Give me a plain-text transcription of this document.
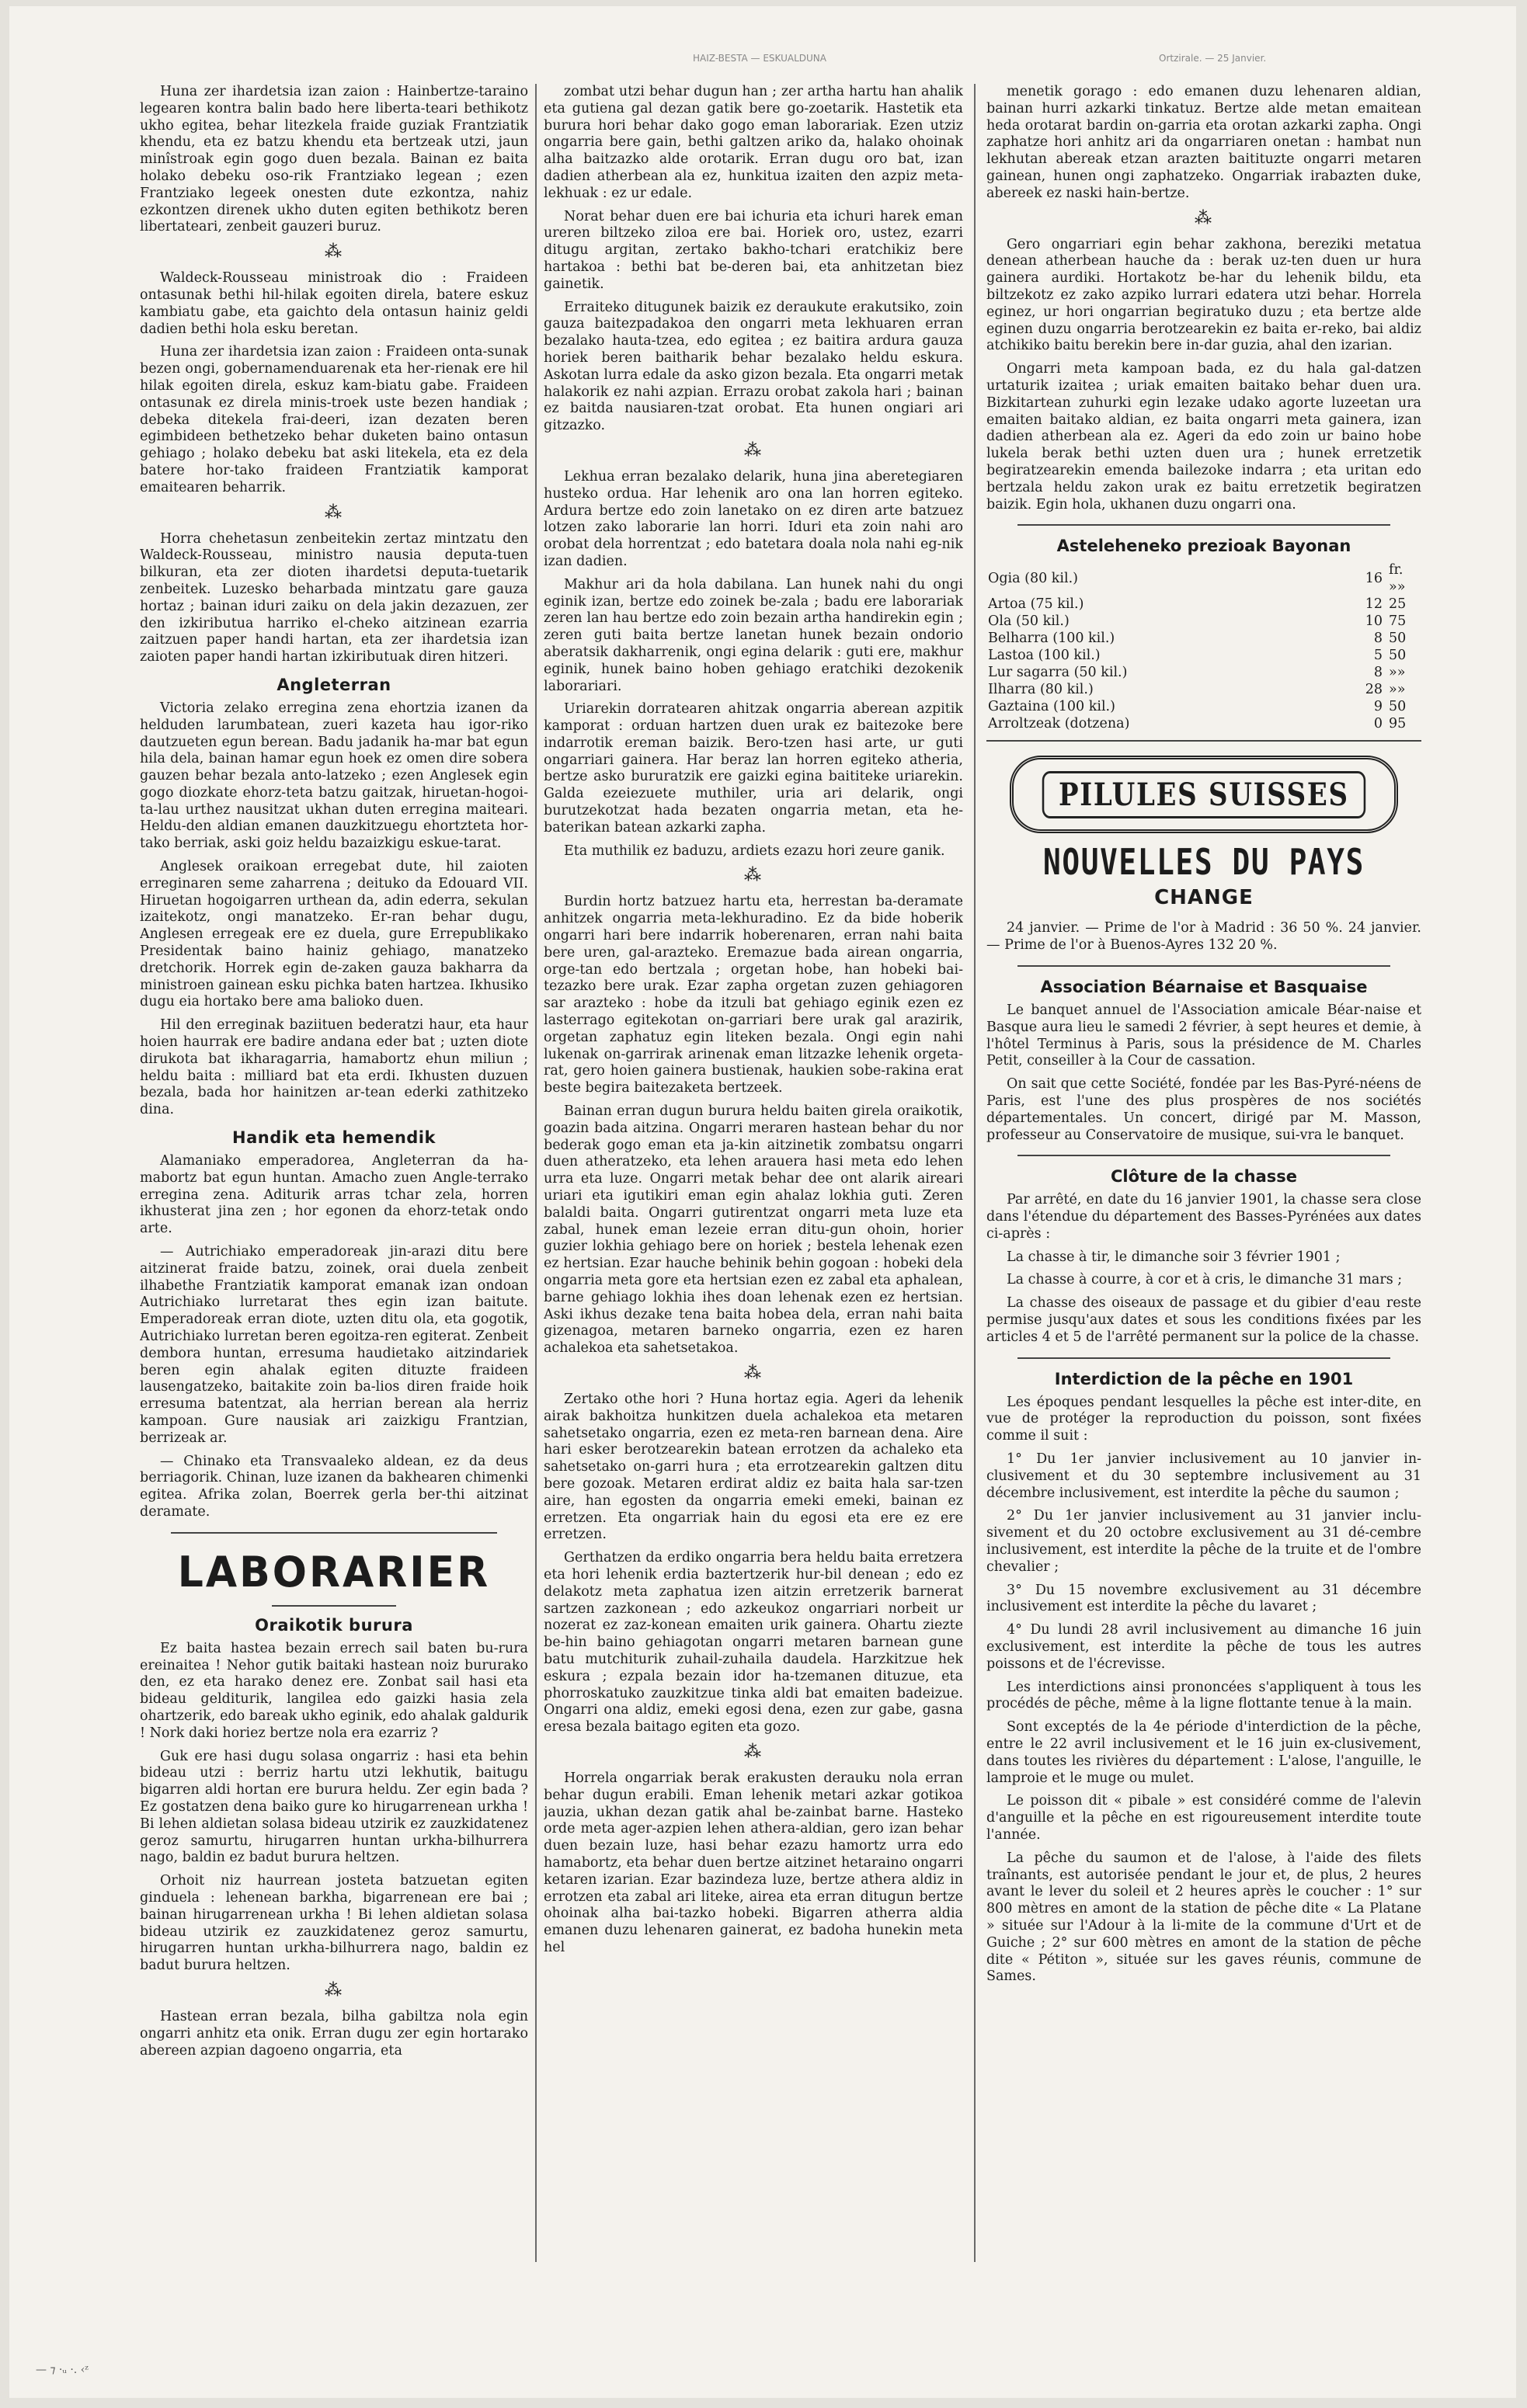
HAIZ-BESTA — ESKUALDUNA	Ortzirale. — 25 Janvier.

Huna zer ihardetsia izan zaion : Hainbertze-taraino legearen kontra balin bado here liberta-teari bethikotz ukho egitea, behar litezkela fraide guziak Frantziatik khendu, eta ez batzu khendu eta bertzeak utzi, jaun minîstroak egin gogo duen bezala. Bainan ez baita holako debeku oso-rik Frantziako legean ; ezen Frantziako legeek onesten dute ezkontza, nahiz ezkontzen direnek ukho duten egiten bethikotz beren libertateari, zenbeit gauzeri buruz.

⁂

Waldeck-Rousseau ministroak dio : Fraideen ontasunak bethi hil-hilak egoiten direla, batere eskuz kambiatu gabe, eta gaichto dela ontasun hainiz geldi dadien bethi hola esku beretan.

Huna zer ihardetsia izan zaion : Fraideen onta-sunak bezen ongi, gobernamenduarenak eta her-rienak ere hil hilak egoiten direla, eskuz kam-biatu gabe. Fraideen ontasunak ez direla minis-troek uste bezen handiak ; debeka ditekela frai-deeri, izan dezaten beren egimbideen bethetzeko behar duketen baino ontasun gehiago ; holako debeku bat aski litekela, eta ez dela batere hor-tako fraideen Frantziatik kamporat emaitearen beharrik.

⁂

Horra chehetasun zenbeitekin zertaz mintzatu den Waldeck-Rousseau, ministro nausia deputa-tuen bilkuran, eta zer dioten ihardetsi deputa-tuetarik zenbeitek. Luzesko beharbada mintzatu gare gauza hortaz ; bainan iduri zaiku on dela jakin dezazuen, zer den izkiributua harriko el-cheko aitzinean ezarria zaitzuen paper handi hartan, eta zer ihardetsia izan zaioten paper handi hartan izkiributuak diren hitzeri.

Angleterran

Victoria zelako erregina zena ehortzia izanen da helduden larumbatean, zueri kazeta hau igor-riko dautzueten egun berean. Badu jadanik ha-mar bat egun hila dela, bainan hamar egun hoek ez omen dire sobera gauzen behar bezala anto-latzeko ; ezen Anglesek egin gogo diozkate ehorz-teta batzu gaitzak, hiruetan-hogoi-ta-lau urthez nausitzat ukhan duten erregina maiteari. Heldu-den aldian emanen dauzkitzuegu ehortzteta hor-tako berriak, aski goiz heldu bazaizkigu eskue-tarat.

Anglesek oraikoan erregebat dute, hil zaioten erreginaren seme zaharrena ; deituko da Edouard VII. Hiruetan hogoigarren urthean da, adin ederra, sekulan izaitekotz, ongi manatzeko. Er-ran behar dugu, Anglesen erregeak ere ez duela, gure Errepublikako Presidentak baino hainiz gehiago, manatzeko dretchorik. Horrek egin de-zaken gauza bakharra da ministroen gainean esku pichka baten hartzea. Ikhusiko dugu eia hortako bere ama balioko duen.

Hil den erreginak baziituen bederatzi haur, eta haur hoien haurrak ere badire andana eder bat ; uzten diote dirukota bat ikharagarria, hamabortz ehun miliun ; heldu baita : milliard bat eta erdi. Ikhusten duzuen bezala, bada hor hainitzen ar-tean ederki zathitzeko dina.

Handik eta hemendik

Alamaniako emperadorea, Angleterran da ha-mabortz bat egun huntan. Amacho zuen Angle-terrako erregina zena. Aditurik arras tchar zela, horren ikhusterat jina zen ; hor egonen da ehorz-tetak ondo arte.

— Autrichiako emperadoreak jin-arazi ditu bere aitzinerat fraide batzu, zoinek, orai duela zenbeit ilhabethe Frantziatik kamporat emanak izan ondoan Autrichiako lurretarat thes egin izan baitute. Emperadoreak erran diote, uzten ditu ola, eta gogotik, Autrichiako lurretan beren egoitza-ren egiterat. Zenbeit dembora huntan, erresuma haudietako aitzindariek beren egin ahalak egiten dituzte fraideen lausengatzeko, baitakite zoin ba-lios diren fraide hoik erresuma batentzat, ala herrian berean ala herriz kampoan. Gure nausiak ari zaizkigu Frantzian, berrizeak ar.

— Chinako eta Transvaaleko aldean, ez da deus berriagorik. Chinan, luze izanen da bakhearen chimenki egitea. Afrika zolan, Boerrek gerla ber-thi aitzinat deramate.

LABORARIER
Oraikotik burura

Ez baita hastea bezain errech sail baten bu-rura ereinaitea ! Nehor gutik baitaki hastean noiz bururako den, ez eta harako denez ere. Zonbat sail hasi eta bideau gelditurik, langilea edo gaizki hasia zela ohartzerik, edo bareak ukho eginik, edo ahalak galdurik ! Nork daki horiez bertze nola era ezarriz ?

Guk ere hasi dugu solasa ongarriz : hasi eta behin bideau utzi : berriz hartu utzi lekhutik, baitugu bigarren aldi hortan ere burura heldu. Zer egin bada ? Ez gostatzen dena baiko gure ko hirugarrenean urkha ! Bi lehen aldietan solasa bideau utzirik ez zauzkidatenez geroz samurtu, hirugarren huntan urkha-bilhurrera nago, baldin ez badut burura heltzen.

Orhoit niz haurrean josteta batzuetan egiten ginduela : lehenean barkha, bigarrenean ere bai ; bainan hirugarrenean urkha ! Bi lehen aldietan solasa bideau utzirik ez zauzkidatenez geroz samurtu, hirugarren huntan urkha-bilhurrera nago, baldin ez badut burura heltzen.

⁂

Hastean erran bezala, bilha gabiltza nola egin ongarri anhitz eta onik. Erran dugu zer egin hortarako abereen azpian dagoeno ongarria, eta

zombat utzi behar dugun han ; zer artha hartu han ahalik eta gutiena gal dezan gatik bere go-zoetarik. Hastetik eta burura hori behar dako gogo eman laborariak. Ezen utziz ongarria bere gain, bethi galtzen ariko da, halako ohoinak alha baitzazko alde orotarik. Erran dugu oro bat, izan dadien atherbean ala ez, hunkitua izaiten den azpiz meta-lekhuak : ez ur edale.

Norat behar duen ere bai ichuria eta ichuri harek eman ureren biltzeko ziloa ere bai. Horiek oro, ustez, ezarri ditugu argitan, zertako bakho-tchari eratchikiz bere hartakoa : bethi bat be-deren bai, eta anhitzetan biez gainetik.

Erraiteko ditugunek baizik ez deraukute erakutsiko, zoin gauza baitezpadakoa den ongarri meta lekhuaren erran bezalako hauta-tzea, edo egitea ; ez baitira ardura gauza horiek beren baitharik behar bezalako heldu eskura. Askotan lurra edale da asko gizon bezala. Eta ongarri metak halakorik ez nahi azpian. Errazu orobat zakola hari ; bainan ez baitda nausiaren-tzat orobat. Eta hunen ongiari ari gitzazko.

⁂

Lekhua erran bezalako delarik, huna jina aberetegiaren husteko ordua. Har lehenik aro ona lan horren egiteko. Ardura bertze edo zoin lanetako on ez diren arte batzuez lotzen zako laborarie lan horri. Iduri eta zoin nahi aro orobat dela horrentzat ; edo batetara doala nola nahi eg-nik izan dadien.

Makhur ari da hola dabilana. Lan hunek nahi du ongi eginik izan, bertze edo zoinek be-zala ; badu ere laborariak zeren lan hau bertze edo zoin bezain artha handirekin egin ; zeren guti baita bertze lanetan hunek bezain ondorio aberatsik dakharrenik, ongi egina delarik : guti ere, makhur eginik, hunek baino hoben gehiago eratchiki dezokenik laborariari.

Uriarekin dorratearen ahitzak ongarria aberean azpitik kamporat : orduan hartzen duen urak ez baitezoke bere indarrotik ereman baizik. Bero-tzen hasi arte, ur guti ongarriari gainera. Har beraz lan horren egiteko atheria, bertze asko bururatzik ere gaizki egina baititeke uriarekin. Galda ezeiezuete muthiler, uria ari delarik, ongi burutzekotzat hada bezaten ongarria metan, eta he-baterikan batean azkarki zapha.

Eta muthilik ez baduzu, ardiets ezazu hori zeure ganik.

⁂

Burdin hortz batzuez hartu eta, herrestan ba-deramate anhitzek ongarria meta-lekhuradino. Ez da bide hoberik ongarri hari bere indarrik hoberenaren, erran nahi baita bere uren, gal-arazteko. Eremazue bada airean ongarria, orge-tan edo bertzala ; orgetan hobe, han hobeki bai-tezazko bere urak. Ezar zapha orgetan zuzen gehiagoren sar arazteko : hobe da itzuli bat gehiago eginik ezen ez lasterrago egitekotan on-garriari bere urak gal arazirik, orgetan zaphatuz egin liteken bezala. Ongi egin nahi lukenak on-garrirak arinenak eman litzazke lehenik orgeta-rat, gero hoien gainera bustienak, haukien sobe-rakina erat beste begira baitezaketa bertzeek.

Bainan erran dugun burura heldu baiten girela oraikotik, goazin bada aitzina. Ongarri meraren hastean behar du nor bederak gogo eman eta ja-kin aitzinetik zombatsu ongarri duen atheratzeko, eta lehen arauera hasi meta edo lehen urra eta luze. Ongarri metak behar dee ont alarik aireari uriari eta igutikiri eman egin ahalaz lokhia guti. Zeren balaldi baita. Ongarri gutirentzat ongarri meta luze eta zabal, hunek eman lezeie erran ditu-gun ohoin, horier guzier lokhia gehiago bere on horiek ; bestela lehenak ezen ez hertsian. Ezar hauche behinik behin gogoan : hobeki dela ongarria meta gore eta hertsian ezen ez zabal eta aphalean, barne gehiago lokhia ihes doan lehenak ezen ez hertsian. Aski ikhus dezake tena baita hobea dela, erran nahi baita gizenagoa, metaren barneko ongarria, ezen ez haren achalekoa eta sahetsetakoa.

⁂

Zertako othe hori ? Huna hortaz egia. Ageri da lehenik airak bakhoitza hunkitzen duela achalekoa eta metaren sahetsetako ongarria, ezen ez meta-ren barnean dena. Aire hari esker berotzearekin batean errotzen da achaleko eta sahetsetako on-garri hura ; eta errotzearekin galtzen ditu bere gozoak. Metaren erdirat aldiz ez baita hala sar-tzen aire, han egosten da ongarria emeki emeki, bainan ez erretzen. Eta ongarriak hain du egosi eta ere ez ere erretzen.

Gerthatzen da erdiko ongarria bera heldu baita erretzera eta hori lehenik erdia baztertzerik hur-bil denean ; edo ez delakotz meta zaphatua izen aitzin erretzerik barnerat sartzen zazkonean ; edo azkeukoz ongarriari norbeit ur nozerat ez zaz-konean emaiten urik gainera. Ohartu ziezte be-hin baino gehiagotan ongarri metaren barnean gune batu mutchiturik zuhail-zuhaila daudela. Harzkitzue hek eskura ; ezpala bezain idor ha-tzemanen dituzue, eta phorroskatuko zauzkitzue tinka aldi bat emaiten badeizue. Ongarri ona aldiz, emeki egosi dena, ezen zur gabe, gasna eresa bezala baitago egiten eta gozo.

⁂

Horrela ongarriak berak erakusten derauku nola erran behar dugun erabili. Eman lehenik metari azkar gotikoa jauzia, ukhan dezan gatik ahal be-zainbat barne. Hasteko orde meta ager-azpien lehen athera-aldian, gero izan behar duen bezain luze, hasi behar ezazu hamortz urra edo hamabortz, eta behar duen bertze aitzinet hetaraino ongarri ketaren izarian. Ezar bazindeza luze, bertze athera aldiz in errotzen eta zabal ari liteke, airea eta erran ditugun bertze ohoinak alha bai-tazko hobeki. Bigarren atherra aldia emanen duzu lehenaren gainerat, ez badoha hunekin meta hel

menetik gorago : edo emanen duzu lehenaren aldian, bainan hurri azkarki tinkatuz. Bertze alde metan emaitean heda orotarat bardin on-garria eta orotan azkarki zapha. Ongi zaphatze hori anhitz ari da ongarriaren onetan : hambat nun lekhutan abereak etzan arazten baitituzte ongarri metaren gainean, hunen ongi zaphatzeko. Ongarriak irabazten duke, abereek ez naski hain-bertze.

⁂

Gero ongarriari egin behar zakhona, bereziki metatua denean atherbean hauche da : berak uz-ten duen ur hura gainera aurdiki. Hortakotz be-har du lehenik bildu, eta biltzekotz ez zako azpiko lurrari edatera utzi behar. Horrela eginez, ur hori ongarrian begiratuko duzu ; eta bertze alde eginen duzu ongarria berotzearekin ez baita er-reko, bai aldiz atchikiko baitu berekin bere in-dar guzia, ahal den izarian.

Ongarri meta kampoan bada, ez du hala gal-datzen urtaturik izaitea ; uriak emaiten baitako behar duen ura. Bizkitartean zuhurki egin lezake udako agorte luzeetan ura emaiten baitako aldian, ez baita ongarri meta gainera, izan dadien atherbean ala ez. Ageri da edo zoin ur baino hobe lukela berak bethi uzten duen ura ; hunek erretzetik begiratzearekin emenda bailezoke indarra ; eta uritan edo bertzala heldu zakon urak ez baitu erretzetik begiratzen baizik. Egin hola, ukhanen duzu ongarri ona.

Asteleheneko prezioak Bayonan
Ogia (80 kil.)	16	fr. »»
Artoa (75 kil.)	12	25
Ola (50 kil.)	10	75
Belharra (100 kil.)	8	50
Lastoa (100 kil.)	5	50
Lur sagarra (50 kil.)	8	»»
Ilharra (80 kil.)	28	»»
Gaztaina (100 kil.)	9	50
Arroltzeak (dotzena)	0	95
PILULES SUISSES
NOUVELLES DU PAYS
CHANGE

24 janvier. — Prime de l'or à Madrid : 36 50 %. 24 janvier. — Prime de l'or à Buenos-Ayres 132 20 %.

Association Béarnaise et Basquaise

Le banquet annuel de l'Association amicale Béar-naise et Basque aura lieu le samedi 2 février, à sept heures et demie, à l'hôtel Terminus à Paris, sous la présidence de M. Charles Petit, conseiller à la Cour de cassation.

On sait que cette Société, fondée par les Bas-Pyré-néens de Paris, est l'une des plus prospères de nos sociétés départementales. Un concert, dirigé par M. Masson, professeur au Conservatoire de musique, sui-vra le banquet.

Clôture de la chasse

Par arrêté, en date du 16 janvier 1901, la chasse sera close dans l'étendue du département des Basses-Pyrénées aux dates ci-après :

La chasse à tir, le dimanche soir 3 février 1901 ;

La chasse à courre, à cor et à cris, le dimanche 31 mars ;

La chasse des oiseaux de passage et du gibier d'eau reste permise jusqu'aux dates et sous les conditions fixées par les articles 4 et 5 de l'arrêté permanent sur la police de la chasse.

Interdiction de la pêche en 1901

Les époques pendant lesquelles la pêche est inter-dite, en vue de protéger la reproduction du poisson, sont fixées comme il suit :

1° Du 1er janvier inclusivement au 10 janvier in-clusivement et du 30 septembre inclusivement au 31 décembre inclusivement, est interdite la pêche du saumon ;

2° Du 1er janvier inclusivement au 31 janvier inclu-sivement et du 20 octobre exclusivement au 31 dé-cembre inclusivement, est interdite la pêche de la truite et de l'ombre chevalier ;

3° Du 15 novembre exclusivement au 31 décembre inclusivement est interdite la pêche du lavaret ;

4° Du lundi 28 avril inclusivement au dimanche 16 juin exclusivement, est interdite la pêche de tous les autres poissons et de l'écrevisse.

Les interdictions ainsi prononcées s'appliquent à tous les procédés de pêche, même à la ligne flottante tenue à la main.

Sont exceptés de la 4e période d'interdiction de la pêche, entre le 22 avril inclusivement et le 16 juin ex-clusivement, dans toutes les rivières du département : L'alose, l'anguille, le lamproie et le muge ou mulet.

Le poisson dit « pibale » est considéré comme de l'alevin d'anguille et la pêche en est rigoureusement interdite toute l'année.

La pêche du saumon et de l'alose, à l'aide des filets traînants, est autorisée pendant le jour et, de plus, 2 heures avant le lever du soleil et 2 heures après le coucher : 1° sur 800 mètres en amont de la station de pêche dite « La Platane » située sur l'Adour à la li-mite de la commune d'Urt et de Guiche ; 2° sur 600 mètres en amont de la station de pêche dite « Pétiton », située sur les gaves réunis, commune de Sames.

— ⁊ ·ᵤ ·. ‹ᶻ
